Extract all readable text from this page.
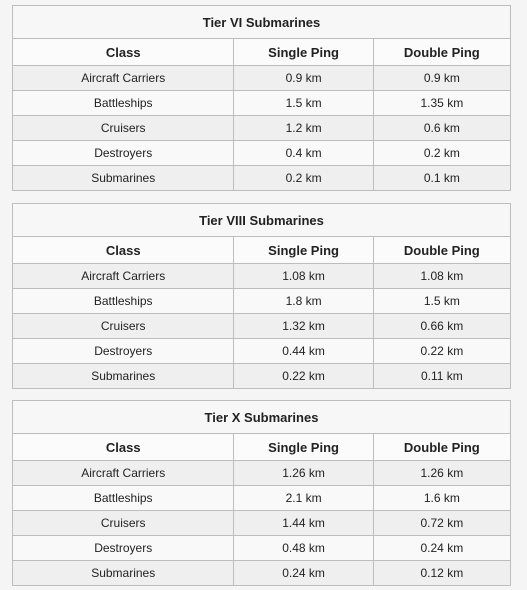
Tier VI Submarines		
Class	Single Ping	Double Ping
Aircraft Carriers	0.9 km	0.9 km
Battleships	1.5 km	1.35 km
Cruisers	1.2 km	0.6 km
Destroyers	0.4 km	0.2 km
Submarines	0.2 km	0.1 km
Tier VIII Submarines		
Class	Single Ping	Double Ping
Aircraft Carriers	1.08 km	1.08 km
Battleships	1.8 km	1.5 km
Cruisers	1.32 km	0.66 km
Destroyers	0.44 km	0.22 km
Submarines	0.22 km	0.11 km
Tier X Submarines		
Class	Single Ping	Double Ping
Aircraft Carriers	1.26 km	1.26 km
Battleships	2.1 km	1.6 km
Cruisers	1.44 km	0.72 km
Destroyers	0.48 km	0.24 km
Submarines	0.24 km	0.12 km
